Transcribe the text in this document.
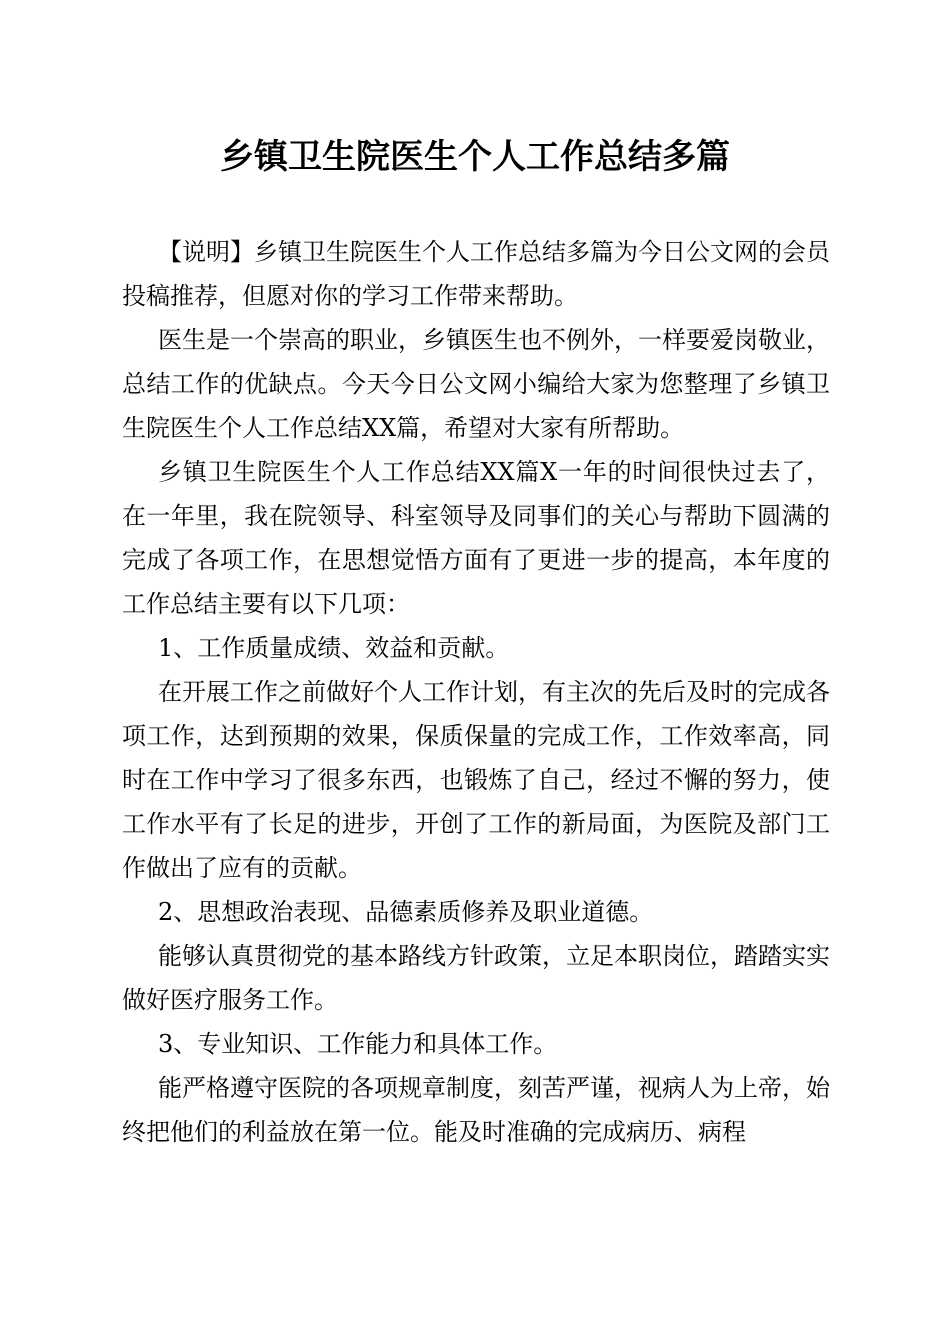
乡镇卫生院医生个人工作总结多篇

【说明】乡镇卫生院医生个人工作总结多篇为今日公文网的会员投稿推荐，但愿对你的学习工作带来帮助。

医生是一个崇高的职业，乡镇医生也不例外，一样要爱岗敬业，总结工作的优缺点。今天今日公文网小编给大家为您整理了乡镇卫生院医生个人工作总结XX篇，希望对大家有所帮助。

乡镇卫生院医生个人工作总结XX篇X一年的时间很快过去了，在一年里，我在院领导、科室领导及同事们的关心与帮助下圆满的完成了各项工作，在思想觉悟方面有了更进一步的提高，本年度的工作总结主要有以下几项：

1、工作质量成绩、效益和贡献。

在开展工作之前做好个人工作计划，有主次的先后及时的完成各项工作，达到预期的效果，保质保量的完成工作，工作效率高，同时在工作中学习了很多东西，也锻炼了自己，经过不懈的努力，使工作水平有了长足的进步，开创了工作的新局面，为医院及部门工作做出了应有的贡献。

2、思想政治表现、品德素质修养及职业道德。

能够认真贯彻党的基本路线方针政策，立足本职岗位，踏踏实实做好医疗服务工作。

3、专业知识、工作能力和具体工作。

能严格遵守医院的各项规章制度，刻苦严谨，视病人为上帝，始终把他们的利益放在第一位。能及时准确的完成病历、病程
